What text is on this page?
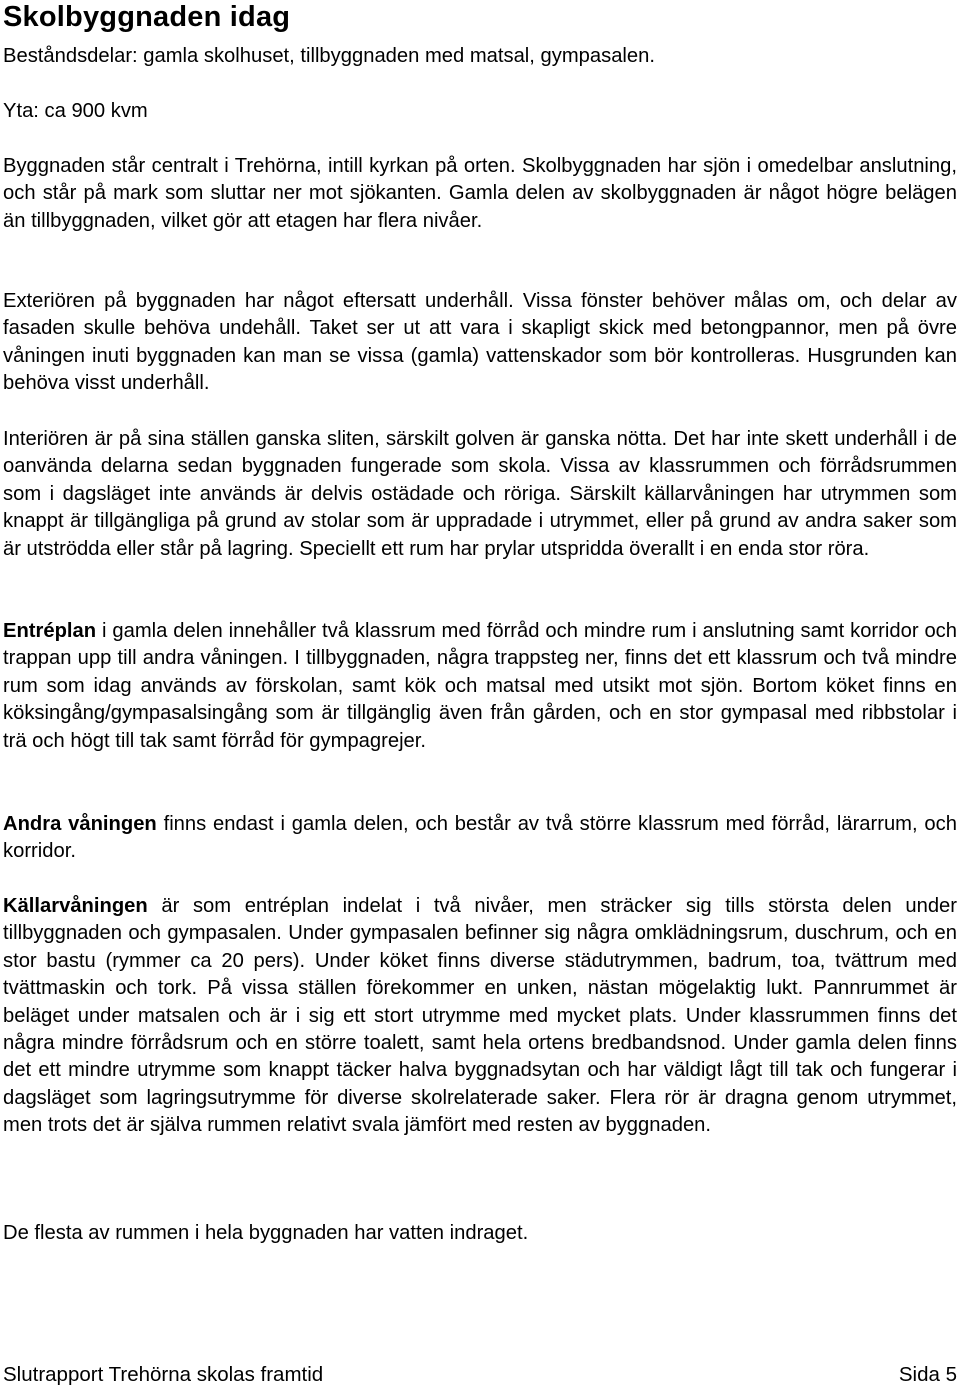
Skolbyggnaden idag

Beståndsdelar: gamla skolhuset, tillbyggnaden med matsal, gympasalen.

Yta: ca 900 kvm

Byggnaden står centralt i Trehörna, intill kyrkan på orten. Skolbyggnaden har sjön i omedelbar anslutning, och står på mark som sluttar ner mot sjökanten. Gamla delen av skolbyggnaden är något högre belägen än tillbyggnaden, vilket gör att etagen har flera nivåer.

Exteriören på byggnaden har något eftersatt underhåll. Vissa fönster behöver målas om, och delar av fasaden skulle behöva undehåll. Taket ser ut att vara i skapligt skick med betongpannor, men på övre våningen inuti byggnaden kan man se vissa (gamla) vattenskador som bör kontrolleras. Husgrunden kan behöva visst underhåll.

Interiören är på sina ställen ganska sliten, särskilt golven är ganska nötta. Det har inte skett underhåll i de oanvända delarna sedan byggnaden fungerade som skola. Vissa av klassrummen och förrådsrummen som i dagsläget inte används är delvis ostädade och röriga. Särskilt källarvåningen har utrymmen som knappt är tillgängliga på grund av stolar som är uppradade i utrymmet, eller på grund av andra saker som är utströdda eller står på lagring. Speciellt ett rum har prylar utspridda överallt i en enda stor röra.

Entréplan i gamla delen innehåller två klassrum med förråd och mindre rum i anslutning samt korridor och trappan upp till andra våningen. I tillbyggnaden, några trappsteg ner, finns det ett klassrum och två mindre rum som idag används av förskolan, samt kök och matsal med utsikt mot sjön. Bortom köket finns en köksingång/gympasalsingång som är tillgänglig även från gården, och en stor gympasal med ribbstolar i trä och högt till tak samt förråd för gympagrejer.

Andra våningen finns endast i gamla delen, och består av två större klassrum med förråd, lärarrum, och korridor.

Källarvåningen är som entréplan indelat i två nivåer, men sträcker sig tills största delen under tillbyggnaden och gympasalen. Under gympasalen befinner sig några omklädningsrum, duschrum, och en stor bastu (rymmer ca 20 pers). Under köket finns diverse städutrymmen, badrum, toa, tvättrum med tvättmaskin och tork. På vissa ställen förekommer en unken, nästan mögelaktig lukt. Pannrummet är beläget under matsalen och är i sig ett stort utrymme med mycket plats. Under klassrummen finns det några mindre förrådsrum och en större toalett, samt hela ortens bredbandsnod. Under gamla delen finns det ett mindre utrymme som knappt täcker halva byggnadsytan och har väldigt lågt till tak och fungerar i dagsläget som lagringsutrymme för diverse skolrelaterade saker. Flera rör är dragna genom utrymmet, men trots det är själva rummen relativt svala jämfört med resten av byggnaden.

De flesta av rummen i hela byggnaden har vatten indraget.

Slutrapport Trehörna skolas framtid	Sida 5
